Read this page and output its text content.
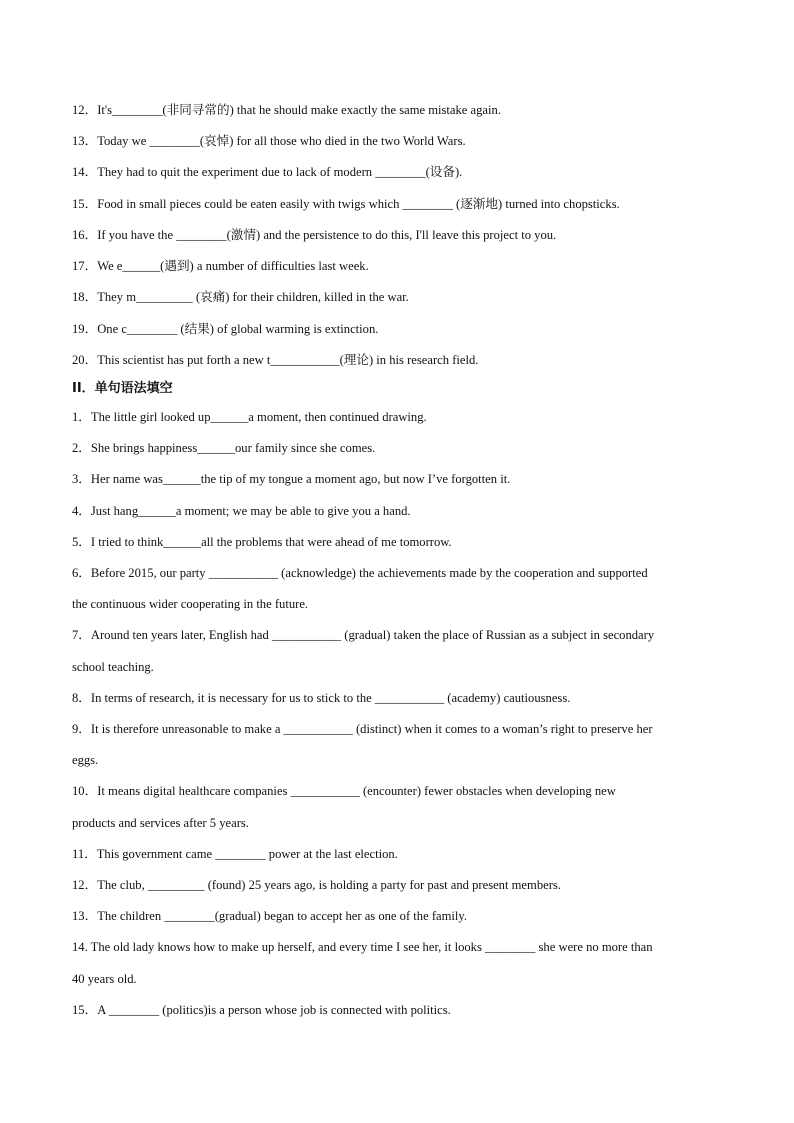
12．It's________(非同寻常的) that he should make exactly the same mistake again.
13．Today we ________(哀悼) for all those who died in the two World Wars.
14．They had to quit the experiment due to lack of modern ________(设备).
15．Food in small pieces could be eaten easily with twigs which ________ (逐渐地) turned into chopsticks.
16．If you have the ________(激情) and the persistence to do this, I'll leave this project to you.
17．We e______(遇到) a number of difficulties last week.
18．They m_________ (哀痛) for their children, killed in the war.
19．One c________ (结果) of global warming is extinction.
20．This scientist has put forth a new t___________(理论) in his research field.
II．单句语法填空
1．The little girl looked up______a moment, then continued drawing.
2．She brings happiness______our family since she comes.
3．Her name was______the tip of my tongue a moment ago, but now I’ve forgotten it.
4．Just hang______a moment; we may be able to give you a hand.
5．I tried to think______all the problems that were ahead of me tomorrow.
6．Before 2015, our party ___________ (acknowledge) the achievements made by the cooperation and supported
the continuous wider cooperating in the future.
7．Around ten years later, English had ___________ (gradual) taken the place of Russian as a subject in secondary
school teaching.
8．In terms of research, it is necessary for us to stick to the ___________ (academy) cautiousness.
9．It is therefore unreasonable to make a ___________ (distinct) when it comes to a woman’s right to preserve her
eggs.
10．It means digital healthcare companies ___________ (encounter) fewer obstacles when developing new
products and services after 5 years.
11．This government came ________ power at the last election.
12．The club, _________ (found) 25 years ago, is holding a party for past and present members.
13．The children ________(gradual) began to accept her as one of the family.
14. The old lady knows how to make up herself, and every time I see her, it looks ________ she were no more than
40 years old.
15．A ________ (politics)is a person whose job is connected with politics.
